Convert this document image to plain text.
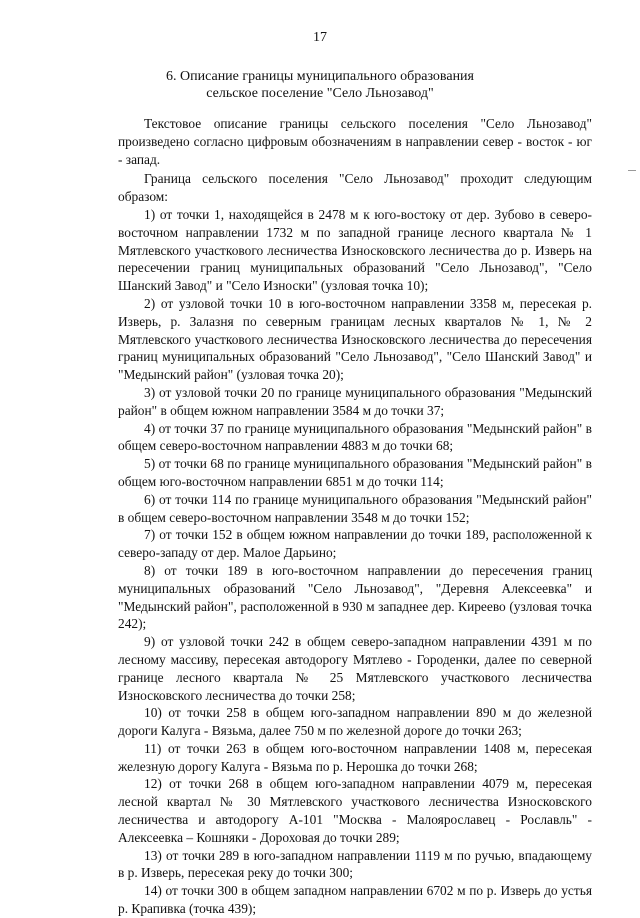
17
6. Описание границы муниципального образования
сельское поселение "Село Льнозавод"

Текстовое описание границы сельского поселения "Село Льнозавод" произведено согласно цифровым обозначениям в направлении север - восток - юг - запад.

Граница сельского поселения "Село Льнозавод" проходит следующим образом:

1) от точки 1, находящейся в 2478 м к юго-востоку от дер. Зубово в северо-восточном направлении 1732 м по западной границе лесного квартала № 1 Мятлевского участкового лесничества Износковского лесничества до р. Изверь на пересечении границ муниципальных образований "Село Льнозавод", "Село Шанский Завод" и "Село Износки" (узловая точка 10);

2) от узловой точки 10 в юго-восточном направлении 3358 м, пересекая р. Изверь, р. Залазня по северным границам лесных кварталов № 1, № 2 Мятлевского участкового лесничества Износковского лесничества до пересечения границ муниципальных образований "Село Льнозавод", "Село Шанский Завод" и "Медынский район" (узловая точка 20);

3) от узловой точки 20 по границе муниципального образования "Медынский район" в общем южном направлении 3584 м до точки 37;

4) от точки 37 по границе муниципального образования "Медынский район" в общем северо-восточном направлении 4883 м до точки 68;

5) от точки 68 по границе муниципального образования "Медынский район" в общем юго-восточном направлении 6851 м до точки 114;

6) от точки 114 по границе муниципального образования "Медынский район" в общем северо-восточном направлении 3548 м до точки 152;

7) от точки 152 в общем южном направлении до точки 189, расположенной к северо-западу от дер. Малое Дарьино;

8) от точки 189 в юго-восточном направлении до пересечения границ муниципальных образований "Село Льнозавод", "Деревня Алексеевка" и "Медынский район", расположенной в 930 м западнее дер. Киреево (узловая точка 242);

9) от узловой точки 242 в общем северо-западном направлении 4391 м по лесному массиву, пересекая автодорогу Мятлево - Городенки, далее по северной границе лесного квартала № 25 Мятлевского участкового лесничества Износковского лесничества до точки 258;

10) от точки 258 в общем юго-западном направлении 890 м до железной дороги Калуга - Вязьма, далее 750 м по железной дороге до точки 263;

11) от точки 263 в общем юго-восточном направлении 1408 м, пересекая железную дорогу Калуга - Вязьма по р. Нерошка до точки 268;

12) от точки 268 в общем юго-западном направлении 4079 м, пересекая лесной квартал № 30 Мятлевского участкового лесничества Износковского лесничества и автодорогу А-101 "Москва - Малоярославец - Рославль" - Алексеевка – Кошняки - Дороховая до точки 289;

13) от точки 289 в юго-западном направлении 1119 м по ручью, впадающему в р. Изверь, пересекая реку до точки 300;

14) от точки 300 в общем западном направлении 6702 м по р. Изверь до устья р. Крапивка (точка 439);
